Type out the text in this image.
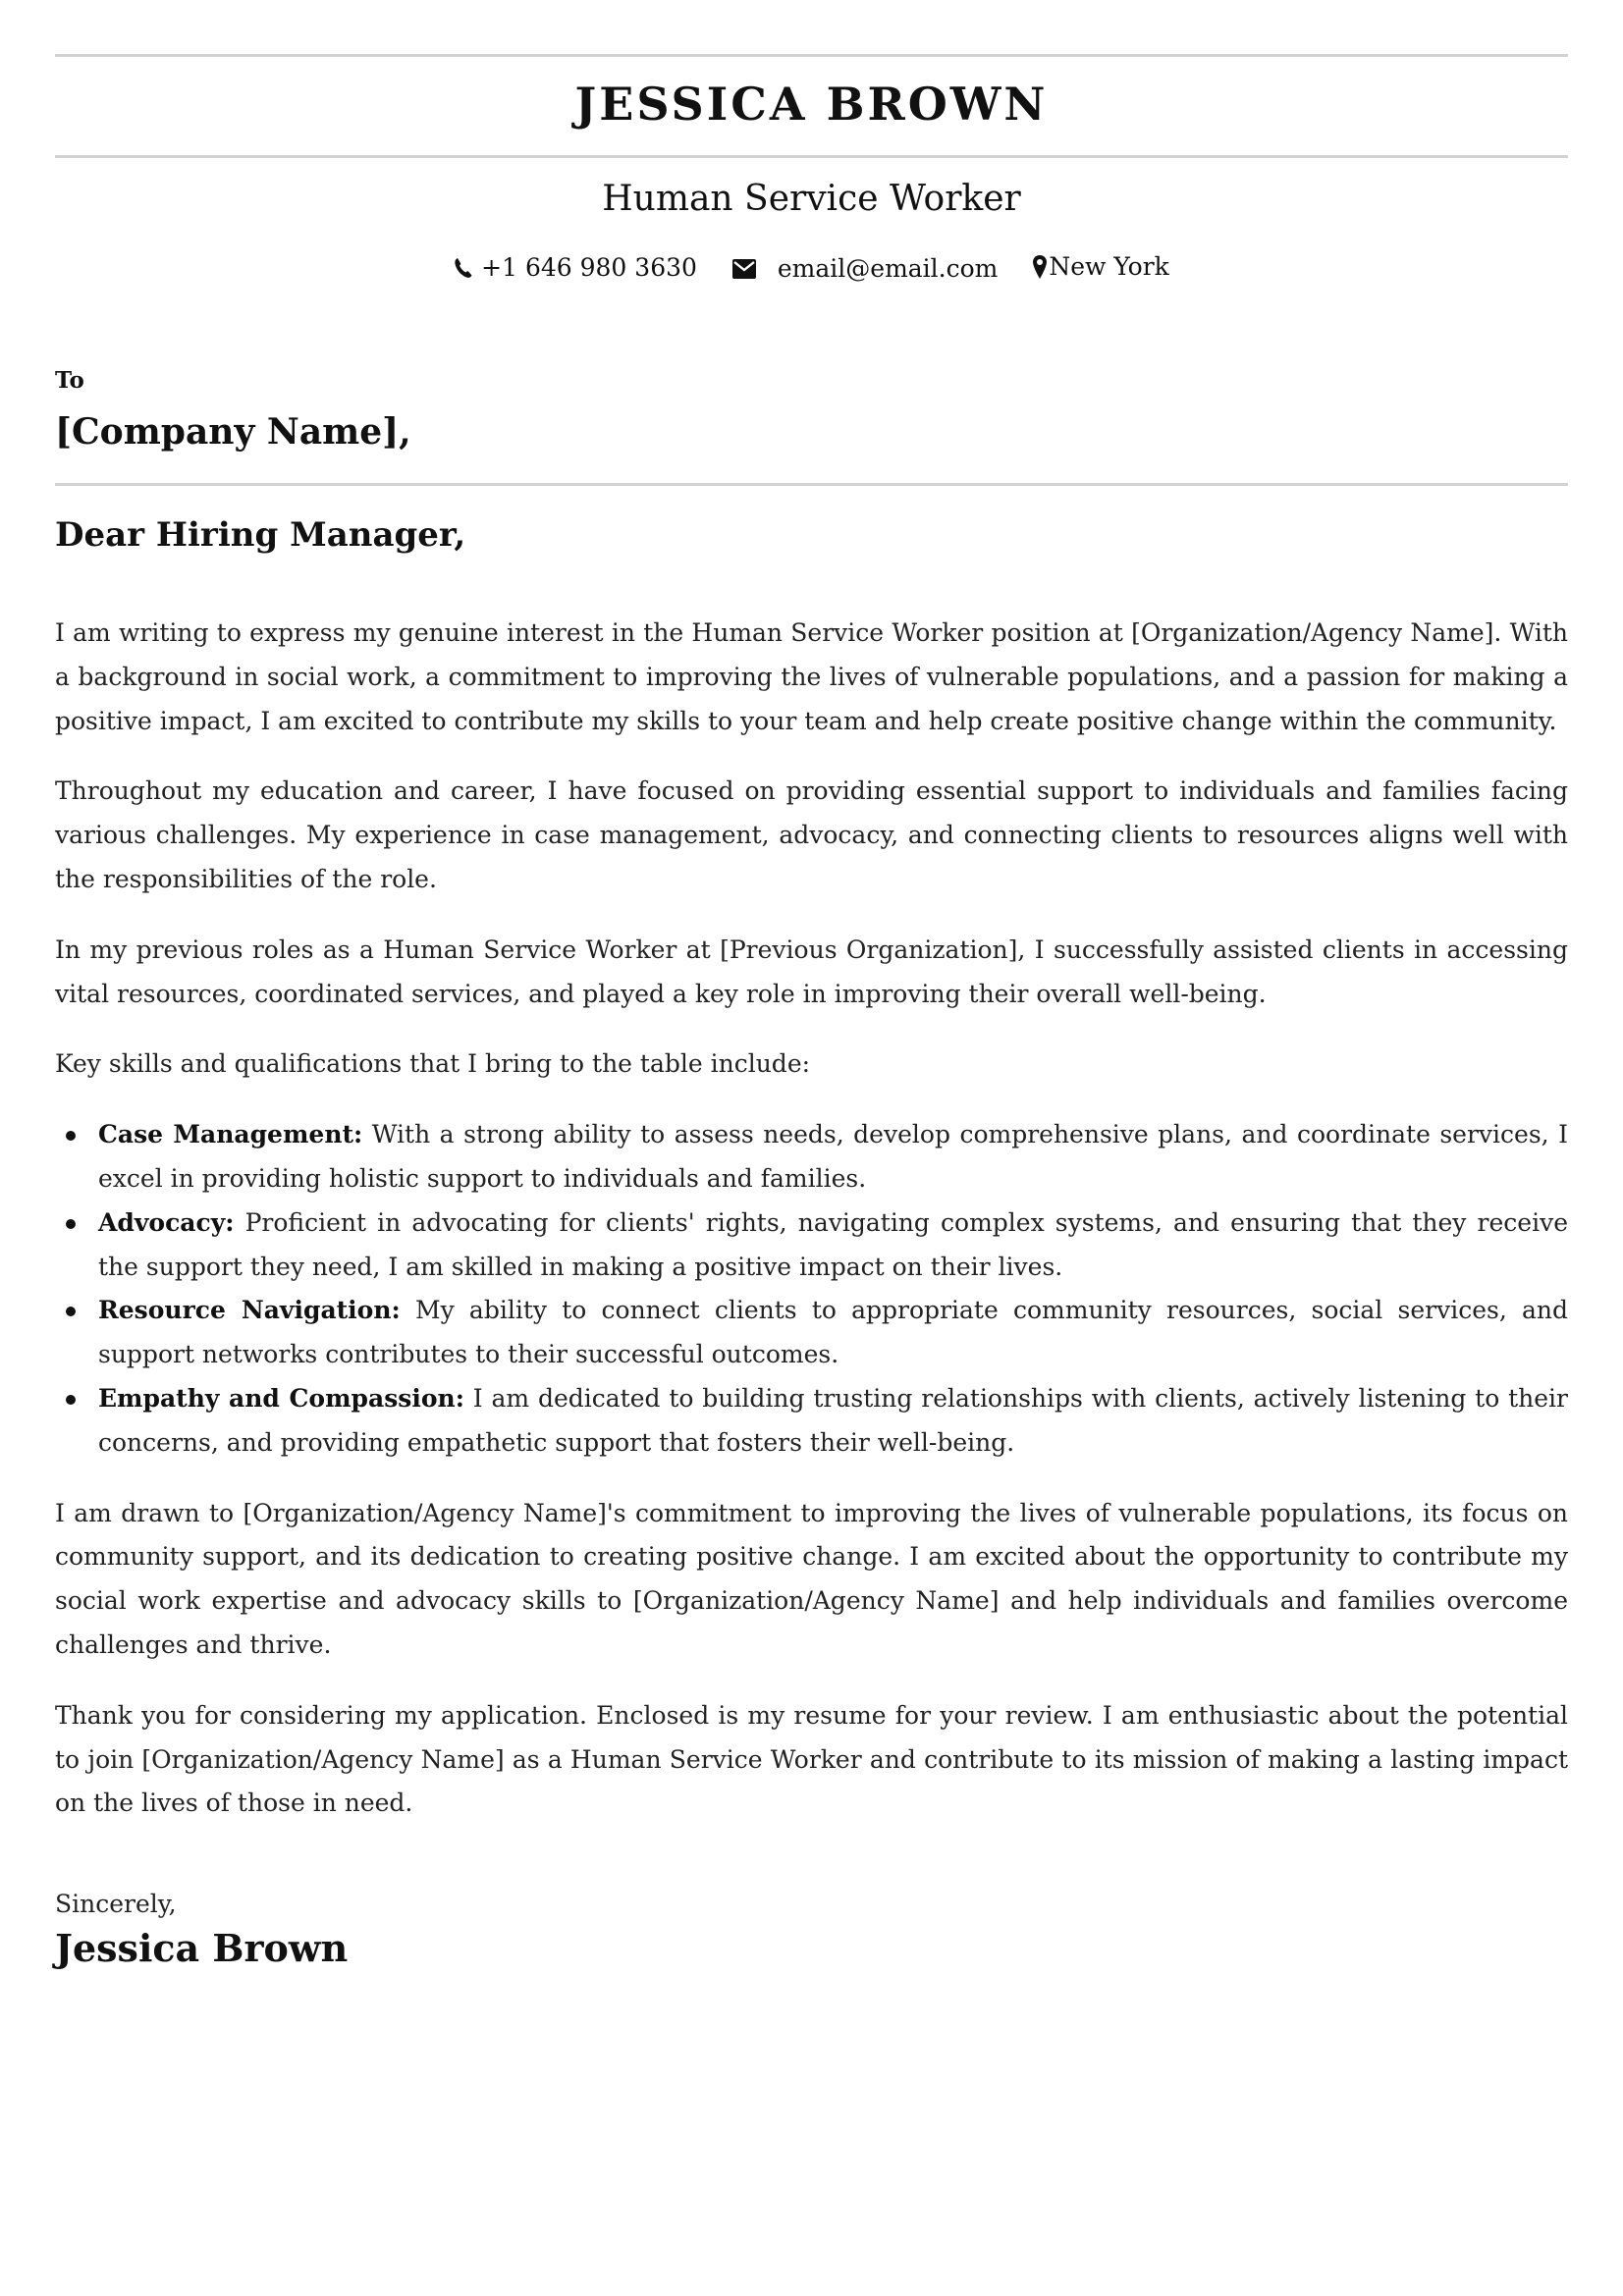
JESSICA BROWN
Human Service Worker
+1 646 980 3630
	email@email.com
New York
To
[Company Name],
Dear Hiring Manager,

I am writing to express my genuine interest in the Human Service Worker position at [Organization/Agency Name]. With a background in social work, a commitment to improving the lives of vulnerable populations, and a passion for making a positive impact, I am excited to contribute my skills to your team and help create positive change within the community.

Throughout my education and career, I have focused on providing essential support to individuals and families facing various challenges. My experience in case management, advocacy, and connecting clients to resources aligns well with the responsibilities of the role.

In my previous roles as a Human Service Worker at [Previous Organization], I successfully assisted clients in accessing vital resources, coordinated services, and played a key role in improving their overall well-being.

Key skills and qualifications that I bring to the table include:

Case Management: With a strong ability to assess needs, develop comprehensive plans, and coordinate services, I excel in providing holistic support to individuals and families.
Advocacy: Proficient in advocating for clients' rights, navigating complex systems, and ensuring that they receive the support they need, I am skilled in making a positive impact on their lives.
Resource Navigation: My ability to connect clients to appropriate community resources, social services, and support networks contributes to their successful outcomes.
Empathy and Compassion: I am dedicated to building trusting relationships with clients, actively listening to their concerns, and providing empathetic support that fosters their well-being.

I am drawn to [Organization/Agency Name]'s commitment to improving the lives of vulnerable populations, its focus on community support, and its dedication to creating positive change. I am excited about the opportunity to contribute my social work expertise and advocacy skills to [Organization/Agency Name] and help individuals and families overcome challenges and thrive.

Thank you for considering my application. Enclosed is my resume for your review. I am enthusiastic about the potential to join [Organization/Agency Name] as a Human Service Worker and contribute to its mission of making a lasting impact on the lives of those in need.

Sincerely,
Jessica Brown
